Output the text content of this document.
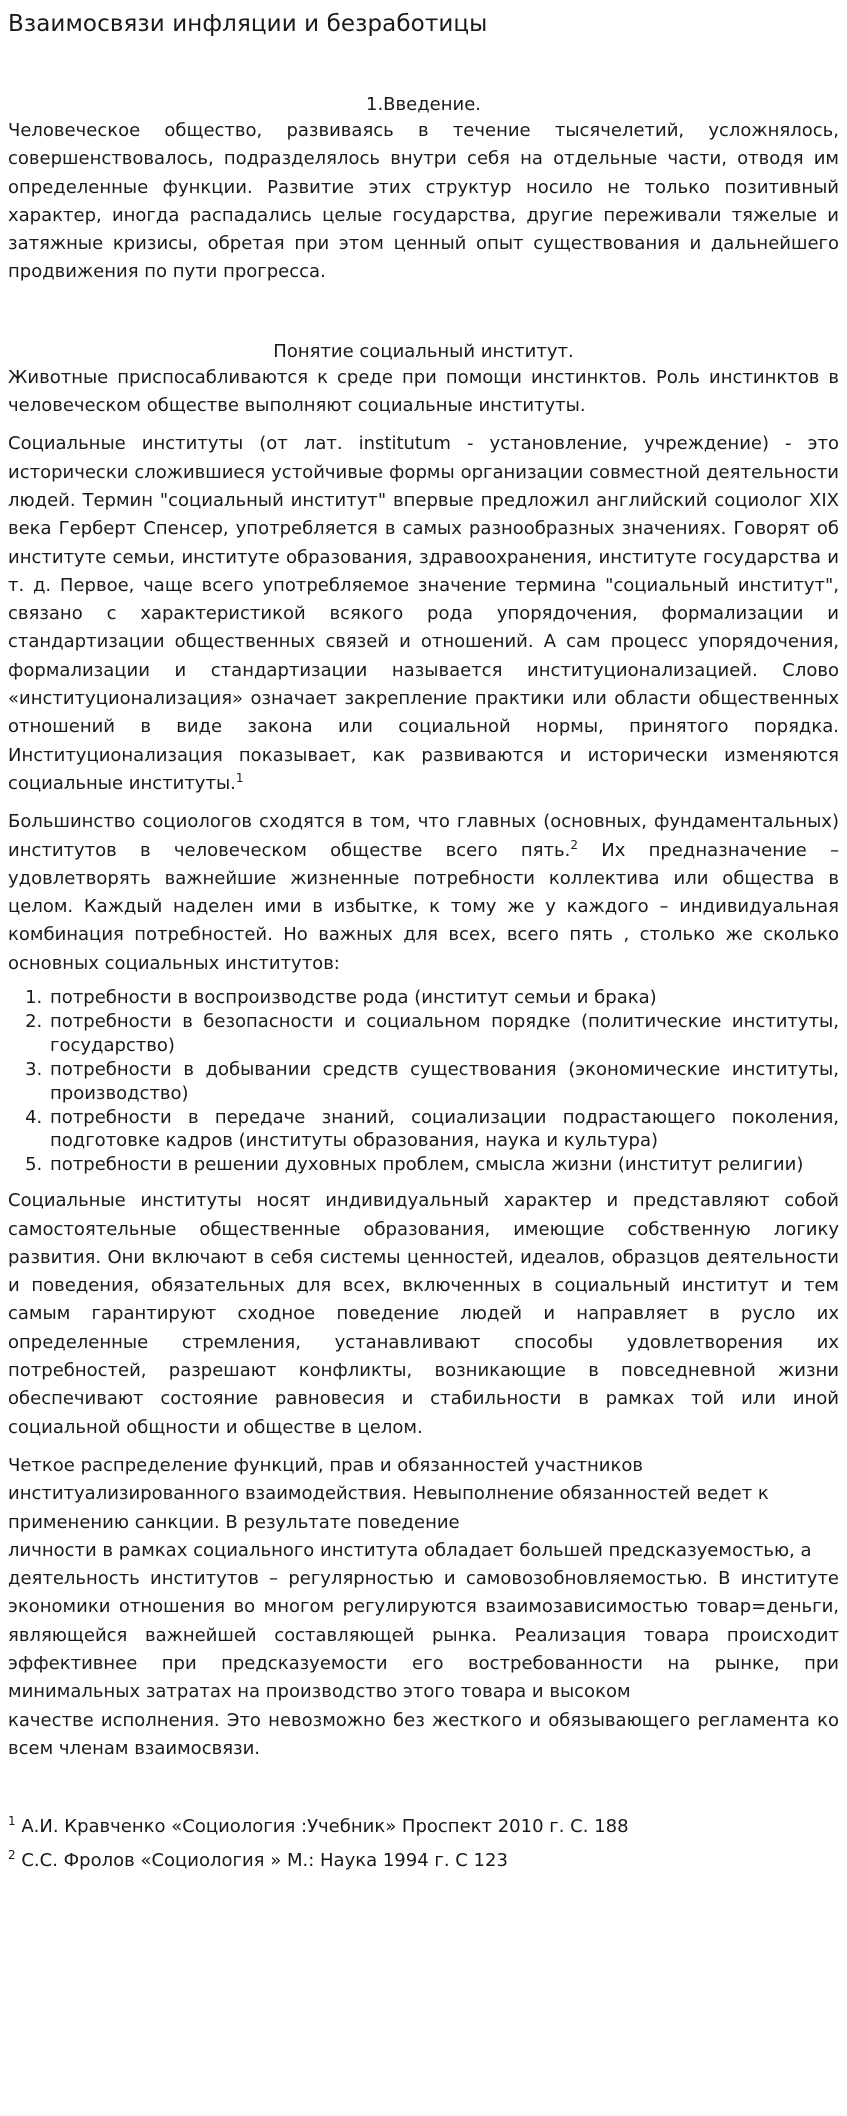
Взаимосвязи инфляции и безработицы
1.Введение.

Человеческое общество, развиваясь в течение тысячелетий, усложнялось, совершенствовалось, подразделялось внутри себя на отдельные части, отводя им определенные функции. Развитие этих структур носило не только позитивный характер, иногда распадались целые государства, другие переживали тяжелые и затяжные кризисы, обретая при этом ценный опыт существования и дальнейшего продвижения по пути прогресса.

Понятие социальный институт.

Животные приспосабливаются к среде при помощи инстинктов. Роль инстинктов в человеческом обществе выполняют социальные институты.

Социальные институты (от лат. institutum - установление, учреждение) - это исторически сложившиеся устойчивые формы организации совместной деятельности людей. Термин "социальный институт" впервые предложил английский социолог XIX века Герберт Спенсер, употребляется в самых разнообразных значениях. Говорят об институте семьи, институте образования, здравоохранения, институте государства и т. д. Первое, чаще всего употребляемое значение термина "социальный институт", связано с характеристикой всякого рода упорядочения, формализации и стандартизации общественных связей и отношений. А сам процесс упорядочения, формализации и стандартизации называется институционализацией. Слово «институционализация» означает закрепление практики или области общественных отношений в виде закона или социальной нормы, принятого порядка. Институционализация показывает, как развиваются и исторически изменяются социальные институты.$^1$

Большинство социологов сходятся в том, что главных (основных, фундаментальных) институтов в человеческом обществе всего пять.$^2$ Их предназначение – удовлетворять важнейшие жизненные потребности коллектива или общества в целом. Каждый наделен ими в избытке, к тому же у каждого – индивидуальная комбинация потребностей. Но важных для всех, всего пять , столько же сколько основных социальных институтов:

1. потребности в воспроизводстве рода (институт семьи и брака)
2. потребности в безопасности и социальном порядке (политические институты, государство)
3. потребности в добывании средств существования (экономические институты, производство)
4. потребности в передаче знаний, социализации подрастающего поколения, подготовке кадров (институты образования, наука и культура)
5. потребности в решении духовных проблем, смысла жизни (институт религии)

Социальные институты носят индивидуальный характер и представляют собой самостоятельные общественные образования, имеющие собственную логику развития. Они включают в себя системы ценностей, идеалов, образцов деятельности и поведения, обязательных для всех, включенных в социальный институт и тем самым гарантируют сходное поведение людей и направляет в русло их определенные стремления, устанавливают способы удовлетворения их потребностей, разрешают конфликты, возникающие в повседневной жизни обеспечивают состояние равновесия и стабильности в рамках той или иной социальной общности и обществе в целом.

Четкое распределение функций, прав и обязанностей участников институализированного взаимодействия. Невыполнение обязанностей ведет к применению санкции. В результате поведение

личности в рамках социального института обладает большей предсказуемостью, а

деятельность институтов – регулярностью и самовозобновляемостью. В институте экономики отношения во многом регулируются взаимозависимостью товар=деньги, являющейся важнейшей составляющей рынка. Реализация товара происходит эффективнее при предсказуемости его востребованности на рынке, при минимальных затратах на производство этого товара и высоком

качестве исполнения. Это невозможно без жесткого и обязывающего регламента ко всем членам взаимосвязи.

$^1$ А.И. Кравченко «Социология :Учебник» Проспект 2010 г. С. 188

$^2$ С.С. Фролов «Социология » М.: Наука 1994 г. С 123
